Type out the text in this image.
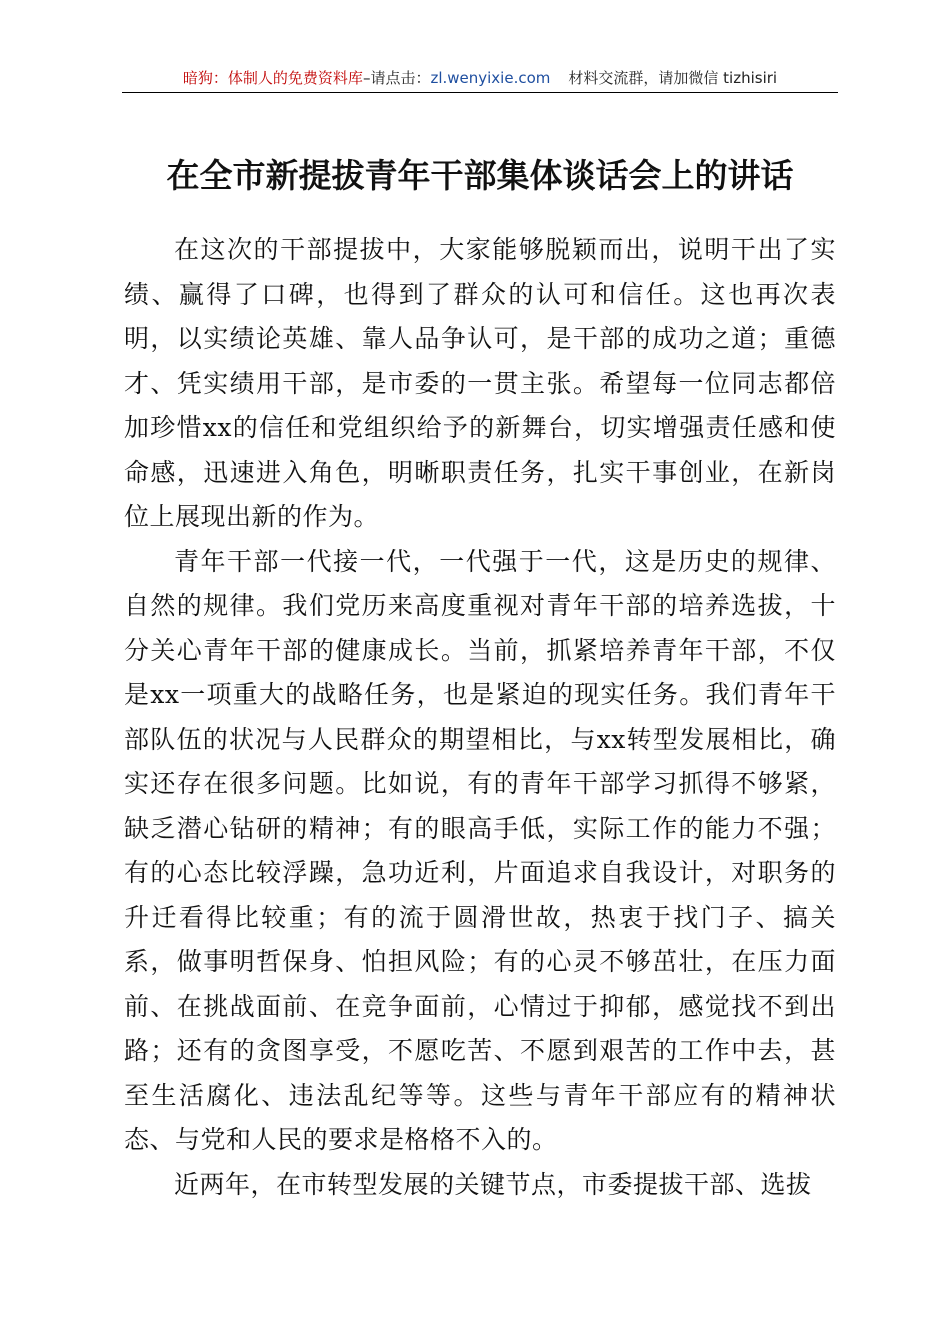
暗狗：体制人的免费资料库–请点击：zl.wenyixie.com 材料交流群，请加微信 tizhisiri
在全市新提拔青年干部集体谈话会上的讲话

在这次的干部提拔中，大家能够脱颖而出，说明干出了实绩、赢得了口碑，也得到了群众的认可和信任。这也再次表明，以实绩论英雄、靠人品争认可，是干部的成功之道；重德才、凭实绩用干部，是市委的一贯主张。希望每一位同志都倍加珍惜xx的信任和党组织给予的新舞台，切实增强责任感和使命感，迅速进入角色，明晰职责任务，扎实干事创业，在新岗位上展现出新的作为。

青年干部一代接一代，一代强于一代，这是历史的规律、自然的规律。我们党历来高度重视对青年干部的培养选拔，十分关心青年干部的健康成长。当前，抓紧培养青年干部，不仅是xx一项重大的战略任务，也是紧迫的现实任务。我们青年干部队伍的状况与人民群众的期望相比，与xx转型发展相比，确实还存在很多问题。比如说，有的青年干部学习抓得不够紧，缺乏潜心钻研的精神；有的眼高手低，实际工作的能力不强；有的心态比较浮躁，急功近利，片面追求自我设计，对职务的升迁看得比较重；有的流于圆滑世故，热衷于找门子、搞关系，做事明哲保身、怕担风险；有的心灵不够茁壮，在压力面前、在挑战面前、在竞争面前，心情过于抑郁，感觉找不到出路；还有的贪图享受，不愿吃苦、不愿到艰苦的工作中去，甚至生活腐化、违法乱纪等等。这些与青年干部应有的精神状态、与党和人民的要求是格格不入的。

近两年，在市转型发展的关键节点，市委提拔干部、选拔
